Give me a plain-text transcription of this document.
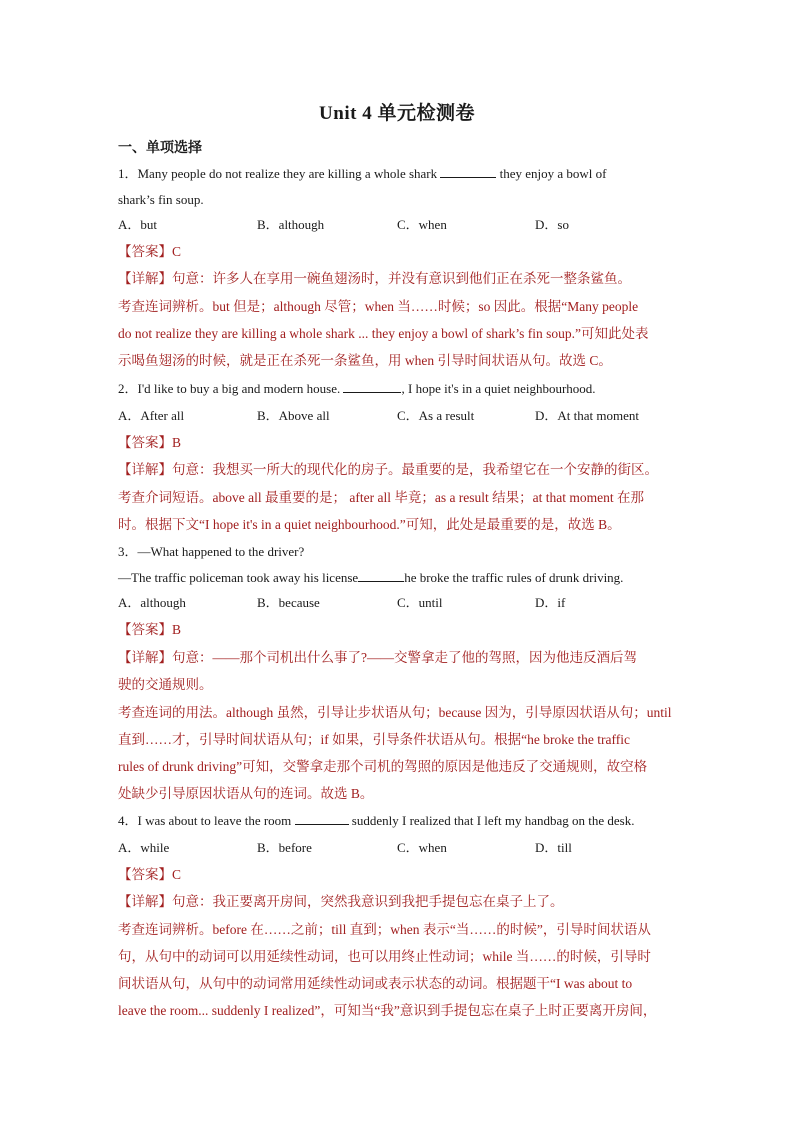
Unit 4 单元检测卷
一、单项选择
1．Many people do not realize they are killing a whole shark	they enjoy a bowl of
shark’s fin soup.
A．but	B．although	C．when	D．so
【答案】C
【详解】句意：许多人在享用一碗鱼翅汤时，并没有意识到他们正在杀死一整条鲨鱼。
考查连词辨析。but 但是；although 尽管；when 当……时候；so 因此。根据“Many people
do not realize they are killing a whole shark ... they enjoy a bowl of shark’s fin soup.”可知此处表
示喝鱼翅汤的时候，就是正在杀死一条鲨鱼，用 when 引导时间状语从句。故选 C。
2．I'd like to buy a big and modern house.	, I hope it's in a quiet neighbourhood.
A．After all	B．Above all	C．As a result	D．At that moment
【答案】B
【详解】句意：我想买一所大的现代化的房子。最重要的是，我希望它在一个安静的街区。
考查介词短语。above all 最重要的是； after all 毕竟；as a result 结果；at that moment 在那
时。根据下文“I hope it's in a quiet neighbourhood.”可知，此处是最重要的是，故选 B。
3．—What happened to the driver?
—The traffic policeman took away his license	he broke the traffic rules of drunk driving.
A．although	B．because	C．until	D．if
【答案】B
【详解】句意：——那个司机出什么事了?——交警拿走了他的驾照，因为他违反酒后驾
驶的交通规则。
考查连词的用法。although 虽然，引导让步状语从句；because 因为，引导原因状语从句；until
直到……才，引导时间状语从句；if 如果，引导条件状语从句。根据“he broke the traffic
rules of drunk driving”可知，交警拿走那个司机的驾照的原因是他违反了交通规则，故空格
处缺少引导原因状语从句的连词。故选 B。
4．I was about to leave the room	suddenly I realized that I left my handbag on the desk.
A．while	B．before	C．when	D．till
【答案】C
【详解】句意：我正要离开房间，突然我意识到我把手提包忘在桌子上了。
考查连词辨析。before 在……之前；till 直到；when 表示“当……的时候”，引导时间状语从
句，从句中的动词可以用延续性动词，也可以用终止性动词；while 当……的时候，引导时
间状语从句，从句中的动词常用延续性动词或表示状态的动词。根据题干“I was about to
leave the room... suddenly I realized”，可知当“我”意识到手提包忘在桌子上时正要离开房间，
